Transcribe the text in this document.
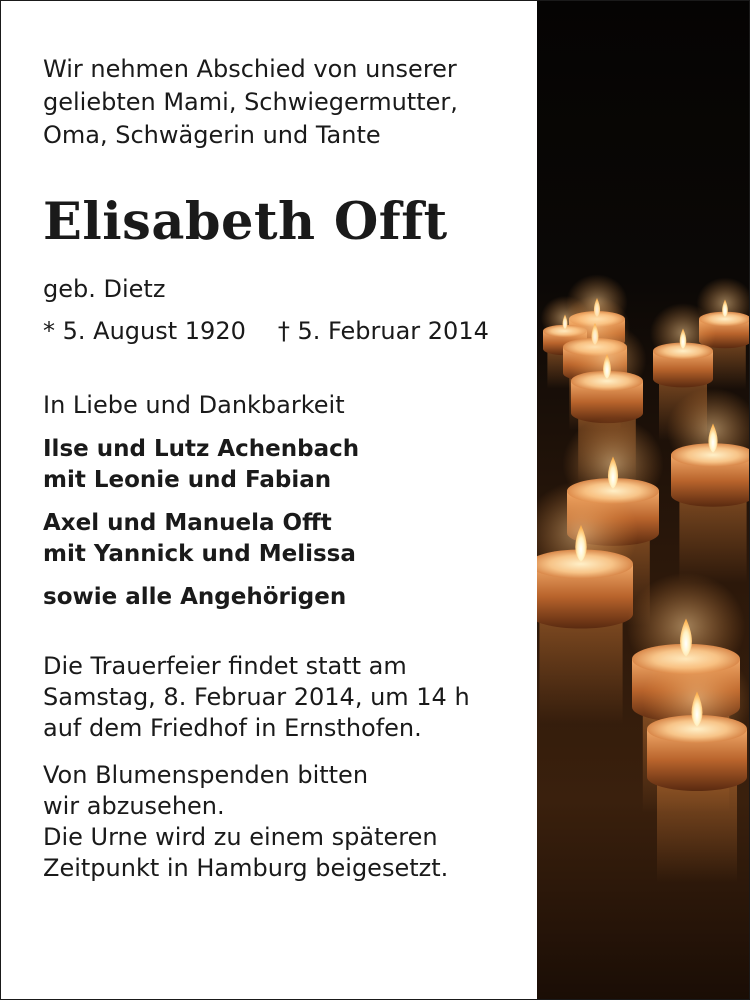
Wir nehmen Abschied von unserer

geliebten Mami, Schwiegermutter,

Oma, Schwägerin und Tante

Elisabeth Offt
geb. Dietz
* 5. August 1920 † 5. Februar 2014
In Liebe und Dankbarkeit

Ilse und Lutz Achenbach

mit Leonie und Fabian

Axel und Manuela Offt

mit Yannick und Melissa

sowie alle Angehörigen

Die Trauerfeier findet statt am

Samstag, 8. Februar 2014, um 14 h

auf dem Friedhof in Ernsthofen.

Von Blumenspenden bitten

wir abzusehen.

Die Urne wird zu einem späteren

Zeitpunkt in Hamburg beigesetzt.
